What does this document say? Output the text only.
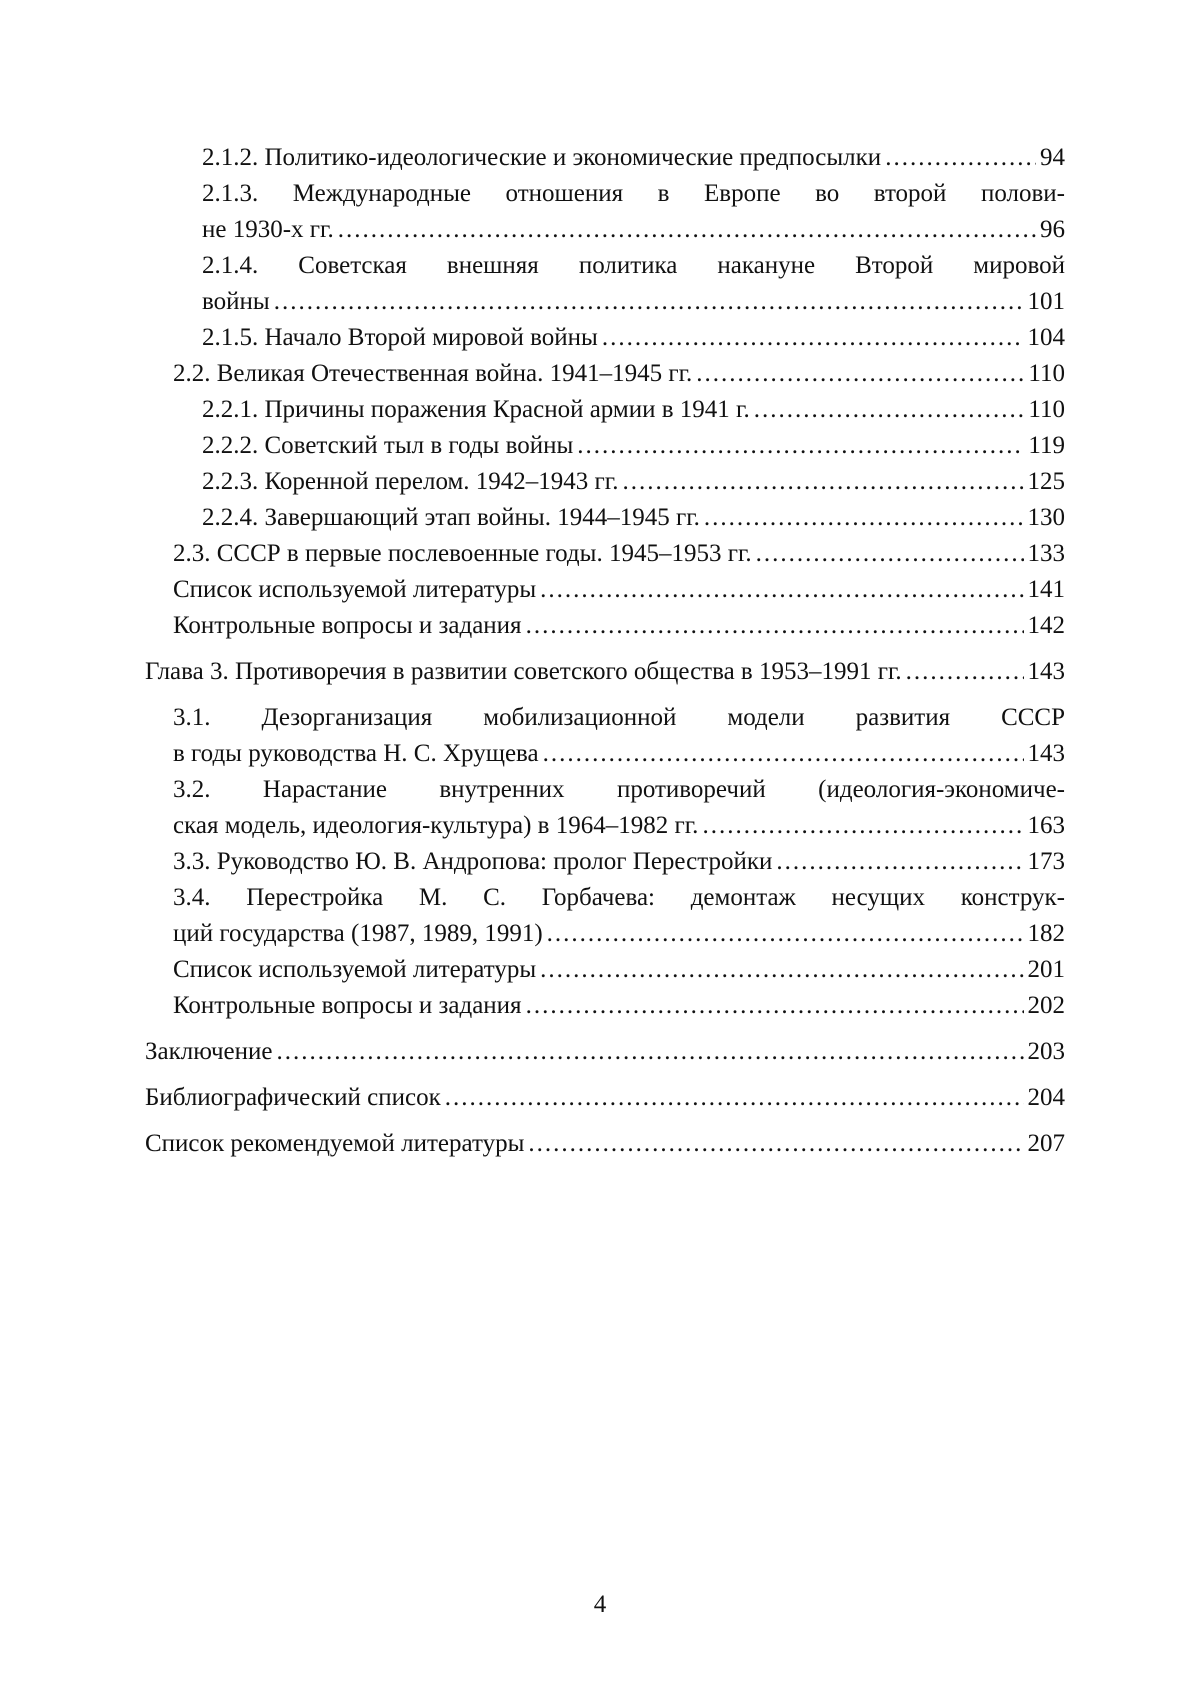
2.1.2. Политико-идеологические и экономические предпосылки .....	94
2.1.3. Международные отношения в Европе во второй полови-
не 1930-х гг. .....	96
2.1.4. Советская внешняя политика накануне Второй мировой
войны .....	101
2.1.5. Начало Второй мировой войны .....	104
2.2. Великая Отечественная война. 1941–1945 гг. .....	110
2.2.1. Причины поражения Красной армии в 1941 г. .....	110
2.2.2. Советский тыл в годы войны .....	119
2.2.3. Коренной перелом. 1942–1943 гг. .....	125
2.2.4. Завершающий этап войны. 1944–1945 гг. .....	130
2.3. СССР в первые послевоенные годы. 1945–1953 гг. .....	133
Список используемой литературы .....	141
Контрольные вопросы и задания .....	142
Глава 3. Противоречия в развитии советского общества в 1953–1991 гг. .....	143
3.1. Дезорганизация мобилизационной модели развития СССР
в годы руководства Н. С. Хрущева .....	143
3.2. Нарастание внутренних противоречий (идеология-экономиче-
ская модель, идеология-культура) в 1964–1982 гг. .....	163
3.3. Руководство Ю. В. Андропова: пролог Перестройки .....	173
3.4. Перестройка М. С. Горбачева: демонтаж несущих конструк-
ций государства (1987, 1989, 1991) .....	182
Список используемой литературы .....	201
Контрольные вопросы и задания .....	202
Заключение .....	203
Библиографический список .....	204
Список рекомендуемой литературы .....	207
4
